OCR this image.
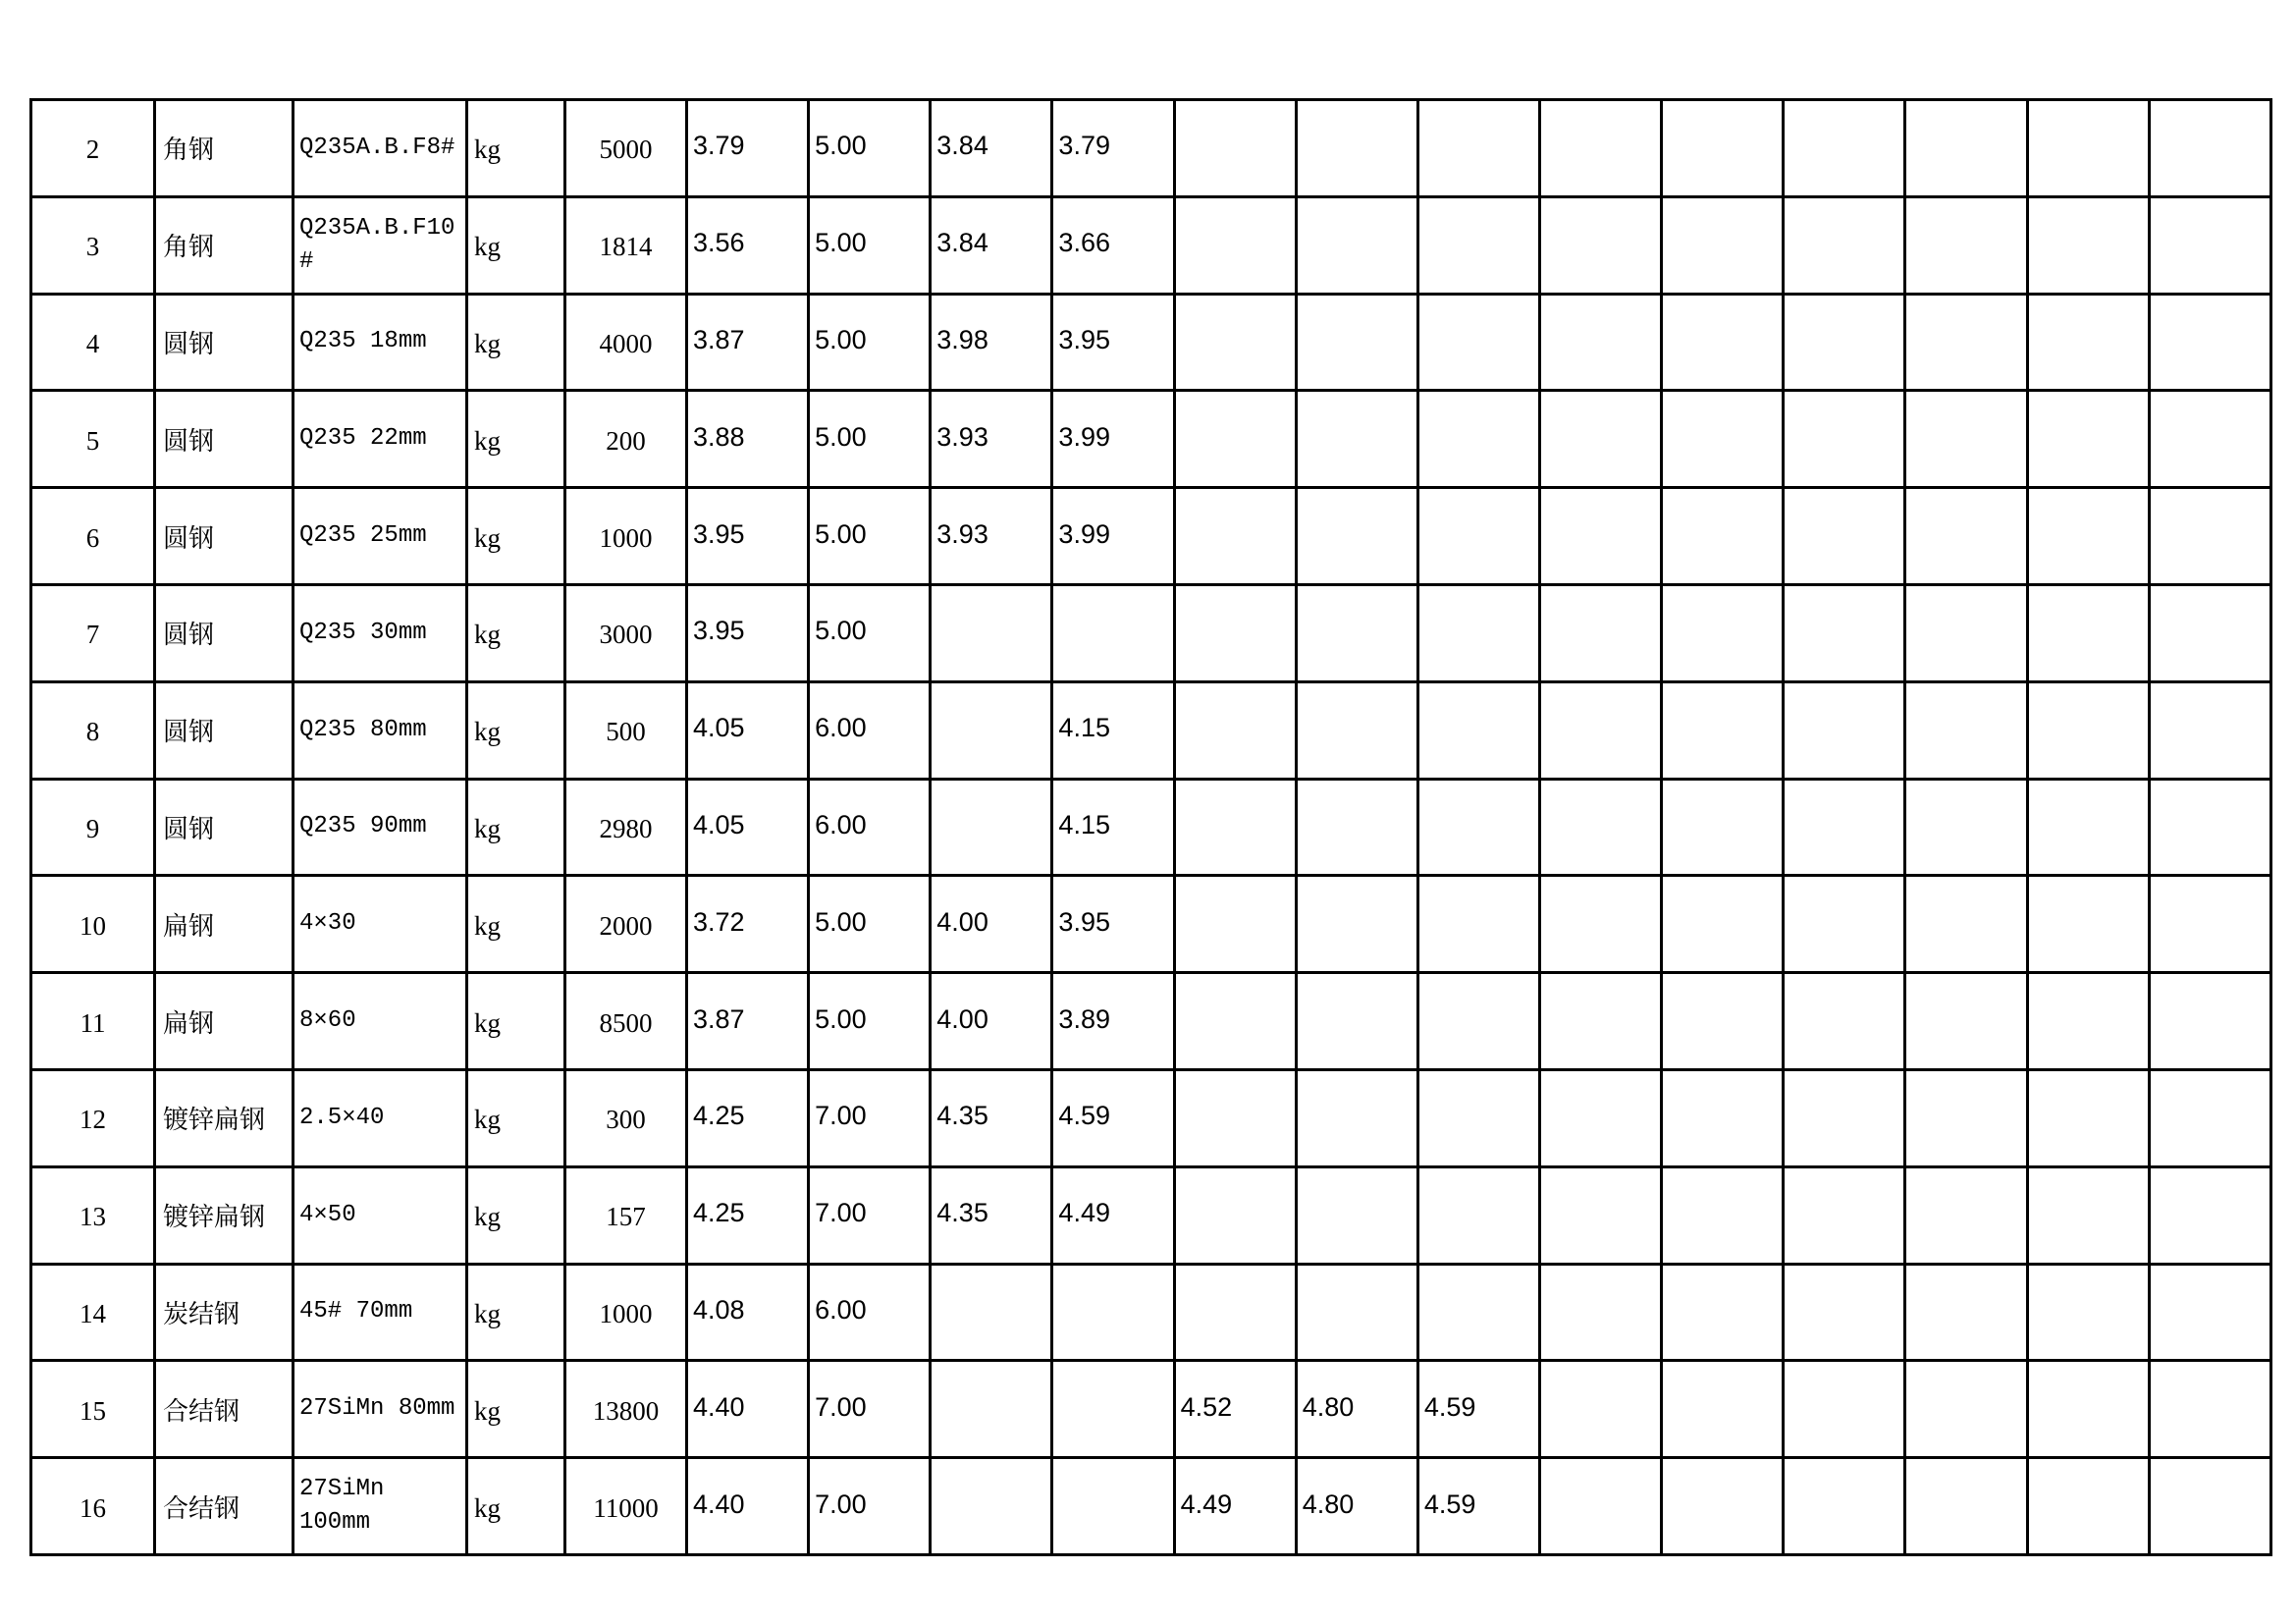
2	角钢	Q235A.B.F8#	kg	5000	3.79	5.00	3.84	3.79									
3	角钢	Q235A.B.F10#	kg	1814	3.56	5.00	3.84	3.66									
4	圆钢	Q235 18mm	kg	4000	3.87	5.00	3.98	3.95									
5	圆钢	Q235 22mm	kg	200	3.88	5.00	3.93	3.99									
6	圆钢	Q235 25mm	kg	1000	3.95	5.00	3.93	3.99									
7	圆钢	Q235 30mm	kg	3000	3.95	5.00											
8	圆钢	Q235 80mm	kg	500	4.05	6.00		4.15									
9	圆钢	Q235 90mm	kg	2980	4.05	6.00		4.15									
10	扁钢	4×30	kg	2000	3.72	5.00	4.00	3.95									
11	扁钢	8×60	kg	8500	3.87	5.00	4.00	3.89									
12	镀锌扁钢	2.5×40	kg	300	4.25	7.00	4.35	4.59									
13	镀锌扁钢	4×50	kg	157	4.25	7.00	4.35	4.49									
14	炭结钢	45# 70mm	kg	1000	4.08	6.00											
15	合结钢	27SiMn 80mm	kg	13800	4.40	7.00			4.52	4.80	4.59						
16	合结钢	27SiMn 100mm	kg	11000	4.40	7.00			4.49	4.80	4.59						
